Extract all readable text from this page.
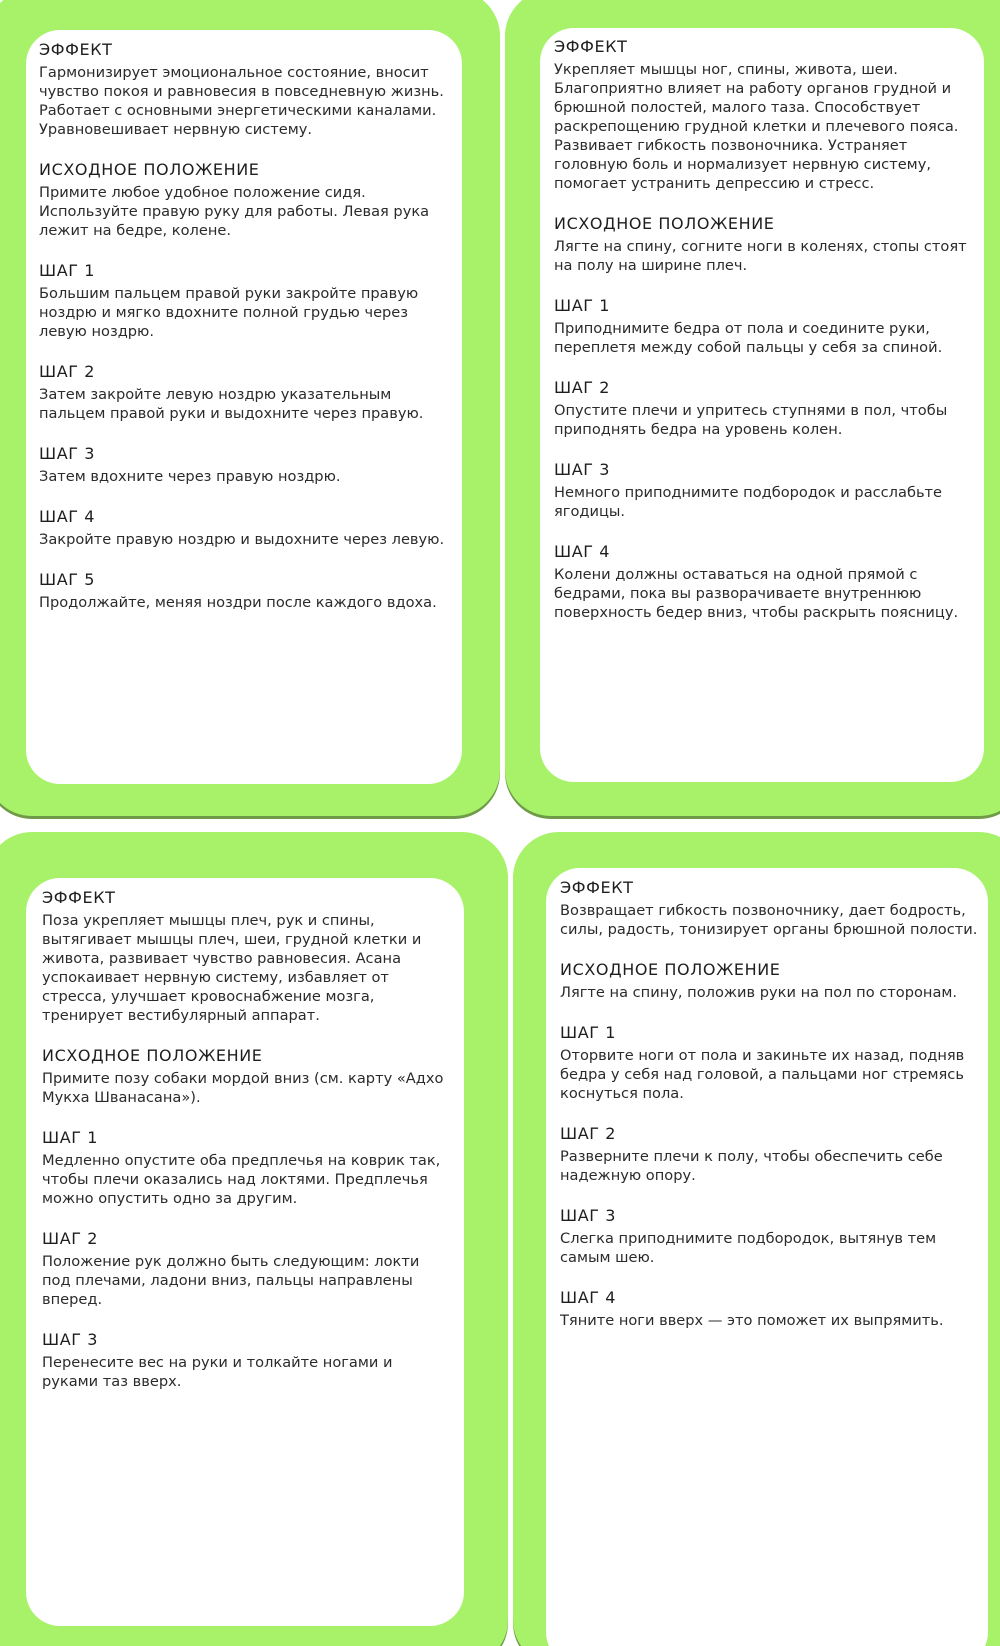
ЭФФЕКТ

Гармонизирует эмоциональное состояние, вносит чувство покоя и равновесия в повседневную жизнь. Работает с основными энергетическими каналами. Уравновешивает нервную систему.

ИСХОДНОЕ ПОЛОЖЕНИЕ

Примите любое удобное положение сидя. Используйте правую руку для работы. Левая рука лежит на бедре, колене.

ШАГ 1

Большим пальцем правой руки закройте правую ноздрю и мягко вдохните полной грудью через левую ноздрю.

ШАГ 2

Затем закройте левую ноздрю указательным пальцем правой руки и выдохните через правую.

ШАГ 3

Затем вдохните через правую ноздрю.

ШАГ 4

Закройте правую ноздрю и выдохните через левую.

ШАГ 5

Продолжайте, меняя ноздри после каждого вдоха.

ЭФФЕКТ

Укрепляет мышцы ног, спины, живота, шеи. Благоприятно влияет на работу органов грудной и брюшной полостей, малого таза. Способствует раскрепощению грудной клетки и плечевого пояса. Развивает гибкость позвоночника. Устраняет головную боль и нормализует нервную систему, помогает устранить депрессию и стресс.

ИСХОДНОЕ ПОЛОЖЕНИЕ

Лягте на спину, согните ноги в коленях, стопы стоят на полу на ширине плеч.

ШАГ 1

Приподнимите бедра от пола и соедините руки, переплетя между собой пальцы у себя за спиной.

ШАГ 2

Опустите плечи и упритесь ступнями в пол, чтобы приподнять бедра на уровень колен.

ШАГ 3

Немного приподнимите подбородок и расслабьте ягодицы.

ШАГ 4

Колени должны оставаться на одной прямой с бедрами, пока вы разворачиваете внутреннюю поверхность бедер вниз, чтобы раскрыть поясницу.

ЭФФЕКТ

Поза укрепляет мышцы плеч, рук и спины, вытягивает мышцы плеч, шеи, грудной клетки и живота, развивает чувство равновесия. Асана успокаивает нервную систему, избавляет от стресса, улучшает кровоснабжение мозга, тренирует вестибулярный аппарат.

ИСХОДНОЕ ПОЛОЖЕНИЕ

Примите позу собаки мордой вниз (см. карту «Адхо Мукха Шванасана»).

ШАГ 1

Медленно опустите оба предплечья на коврик так, чтобы плечи оказались над локтями. Предплечья можно опустить одно за другим.

ШАГ 2

Положение рук должно быть следующим: локти под плечами, ладони вниз, пальцы направлены вперед.

ШАГ 3

Перенесите вес на руки и толкайте ногами и руками таз вверх.

ЭФФЕКТ

Возвращает гибкость позвоночнику, дает бодрость, силы, радость, тонизирует органы брюшной полости.

ИСХОДНОЕ ПОЛОЖЕНИЕ

Лягте на спину, положив руки на пол по сторонам.

ШАГ 1

Оторвите ноги от пола и закиньте их назад, подняв бедра у себя над головой, а пальцами ног стремясь коснуться пола.

ШАГ 2

Разверните плечи к полу, чтобы обеспечить себе надежную опору.

ШАГ 3

Слегка приподнимите подбородок, вытянув тем самым шею.

ШАГ 4

Тяните ноги вверх — это поможет их выпрямить.
